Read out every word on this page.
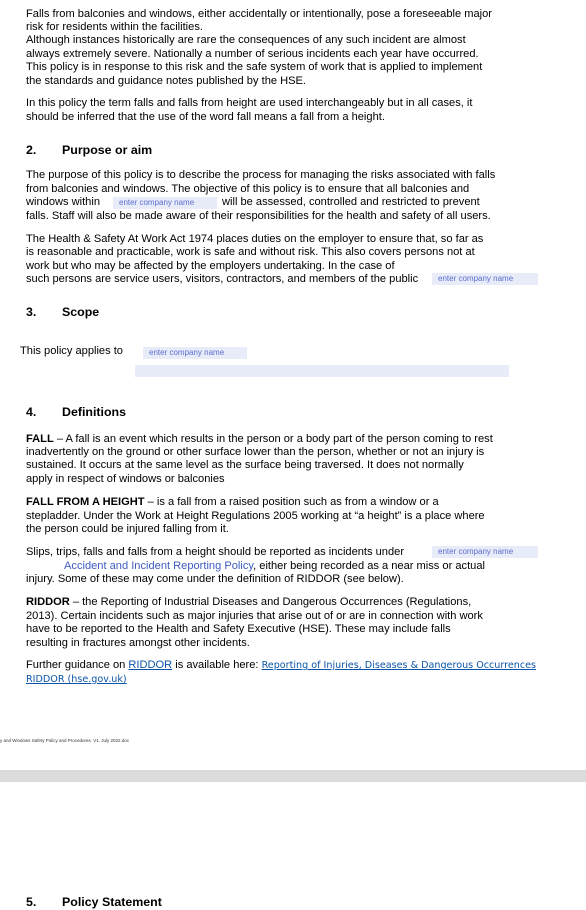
Falls from balconies and windows, either accidentally or intentionally, pose a foreseeable major
risk for residents within the facilities.
Although instances historically are rare the consequences of any such incident are almost
always extremely severe. Nationally a number of serious incidents each year have occurred.
This policy is in response to this risk and the safe system of work that is applied to implement
the standards and guidance notes published by the HSE.
In this policy the term falls and falls from height are used interchangeably but in all cases, it
should be inferred that the use of the word fall means a fall from a height.
2. Purpose or aim
The purpose of this policy is to describe the process for managing the risks associated with falls
from balconies and windows. The objective of this policy is to ensure that all balconies and
windows within	enter company name	will be assessed, controlled and restricted to prevent
falls. Staff will also be made aware of their responsibilities for the health and safety of all users.
The Health & Safety At Work Act 1974 places duties on the employer to ensure that, so far as
is reasonable and practicable, work is safe and without risk. This also covers persons not at
work but who may be affected by the employers undertaking. In the case of
such persons are service users, visitors, contractors, and members of the public	enter company name
3. Scope
This policy applies to	enter company name
4. Definitions
FALL – A fall is an event which results in the person or a body part of the person coming to rest
inadvertently on the ground or other surface lower than the person, whether or not an injury is
sustained. It occurs at the same level as the surface being traversed. It does not normally
apply in respect of windows or balconies
FALL FROM A HEIGHT – is a fall from a raised position such as from a window or a
stepladder. Under the Work at Height Regulations 2005 working at “a height” is a place where
the person could be injured falling from it.
Slips, trips, falls and falls from a height should be reported as incidents under	enter company name
Accident and Incident Reporting Policy, either being recorded as a near miss or actual
injury. Some of these may come under the definition of RIDDOR (see below).
RIDDOR – the Reporting of Industrial Diseases and Dangerous Occurrences (Regulations,
2013). Certain incidents such as major injuries that arise out of or are in connection with work
have to be reported to the Health and Safety Executive (HSE). These may include falls
resulting in fractures amongst other incidents.
Further guidance on RIDDOR is available here: Reporting of Injuries, Diseases & Dangerous Occurrences
RIDDOR (hse.gov.uk)
y and Windows Safety Policy and Procedures. V1. July 2022.doc
5. Policy Statement
